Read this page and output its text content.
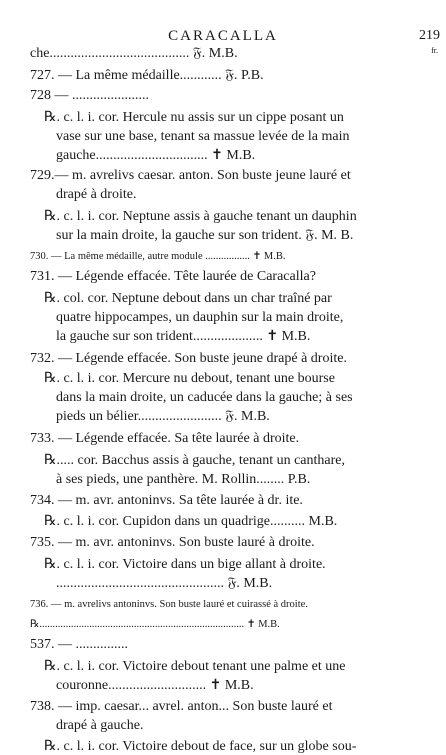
CARACALLA	219
fr.
che........................................ 𝔉. M.B.
727. — La même médaille............ 𝔉. P.B.
728 — ......................
℞. c. l. i. cor. Hercule nu assis sur un cippe posant un
vase sur une base, tenant sa massue levée de la main
gauche................................ ✝ M.B.
729.— m. avrelivs caesar. anton. Son buste jeune lauré et
drapé à droite.
℞. c. l. i. cor. Neptune assis à gauche tenant un dauphin
sur la main droite, la gauche sur son trident. 𝔉. M. B.
730. — La même médaille, autre module ................. ✝ M.B.
731. — Légende effacée. Tête laurée de Caracalla?
℞. col. cor. Neptune debout dans un char traîné par
quatre hippocampes, un dauphin sur la main droite,
la gauche sur son trident.................... ✝ M.B.
732. — Légende effacée. Son buste jeune drapé à droite.
℞. c. l. i. cor. Mercure nu debout, tenant une bourse
dans la main droite, un caducée dans la gauche; à ses
pieds un bélier........................ 𝔉. M.B.
733. — Légende effacée. Sa tête laurée à droite.
℞..... cor. Bacchus assis à gauche, tenant un canthare,
à ses pieds, une panthère. M. Rollin........ P.B.
734. — m. avr. antoninvs. Sa tête laurée à dr. ite.
℞. c. l. i. cor. Cupidon dans un quadrige.......... M.B.
735. — m. avr. antoninvs. Son buste lauré à droite.
℞. c. l. i. cor. Victoire dans un bige allant à droite.
................................................ 𝔉. M.B.
736. — m. avrelivs antoninvs. Son buste lauré et cuirassé à droite.
℞.............................................................................. ✝ M.B.
537. — ...............
℞. c. l. i. cor. Victoire debout tenant une palme et une
couronne............................ ✝ M.B.
738. — imp. caesar... avrel. anton... Son buste lauré et
drapé à gauche.
℞. c. l. i. cor. Victoire debout de face, sur un globe sou-
